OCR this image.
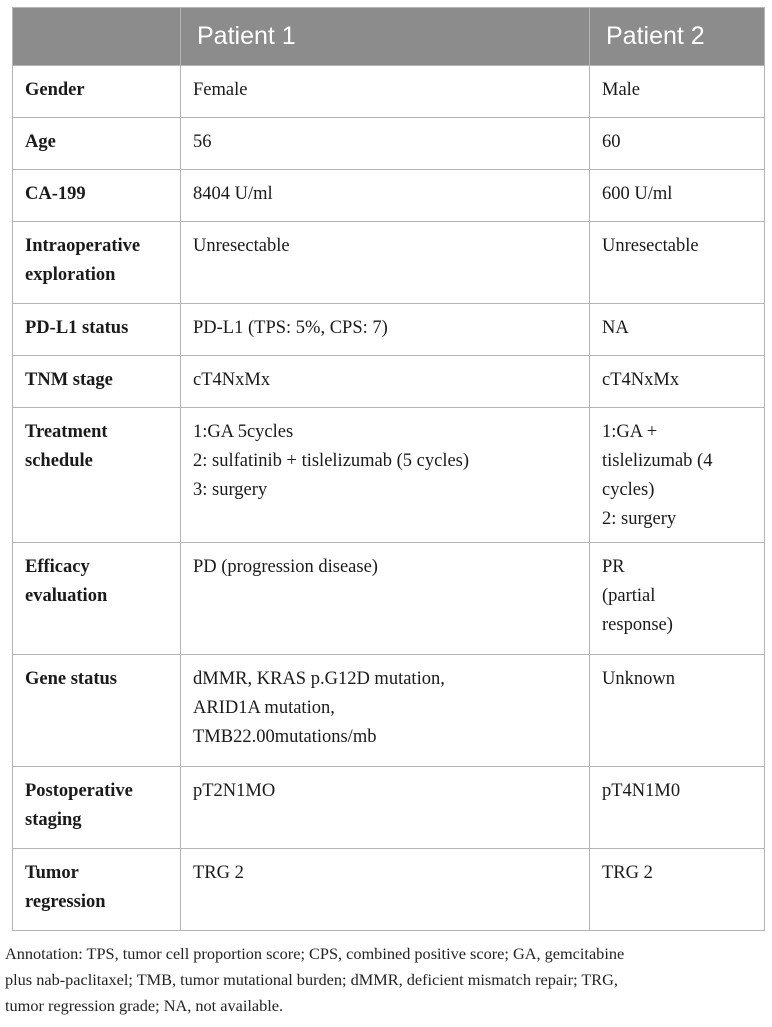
	Patient 1	Patient 2

Gender	Female	Male

Age	56	60

CA-199	8404 U/ml	600 U/ml

Intraoperative
exploration	Unresectable	Unresectable

PD-L1 status	PD-L1 (TPS: 5%, CPS: 7)	NA

TNM stage	cT4NxMx	cT4NxMx

Treatment
schedule	1:GA 5cycles
2: sulfatinib + tislelizumab (5 cycles)
3: surgery	1:GA +
tislelizumab (4
cycles)
2: surgery

Efficacy
evaluation	PD (progression disease)	PR
(partial
response)

Gene status	dMMR, KRAS p.G12D mutation,
ARID1A mutation,
TMB22.00mutations/mb	Unknown

Postoperative
staging	pT2N1MO	pT4N1M0

Tumor
regression	TRG 2	TRG 2
Annotation: TPS, tumor cell proportion score; CPS, combined positive score; GA, gemcitabine
plus nab-paclitaxel; TMB, tumor mutational burden; dMMR, deficient mismatch repair; TRG,
tumor regression grade; NA, not available.
